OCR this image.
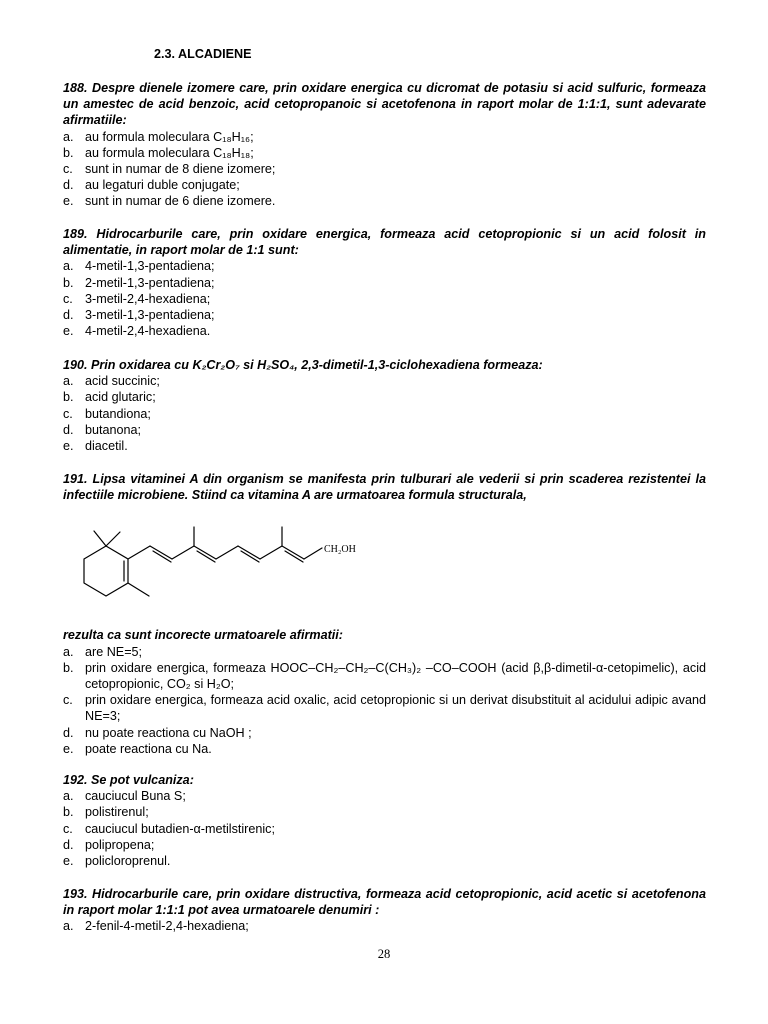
2.3. ALCADIENE

188. Despre dienele izomere care, prin oxidare energica cu dicromat de potasiu si acid sulfuric, formeaza un amestec de acid benzoic, acid cetopropanoic si acetofenona in raport molar de 1:1:1, sunt adevarate afirmatiile:

a. au formula moleculara C₁₈H₁₆;
b. au formula moleculara C₁₈H₁₈;
c. sunt in numar de 8 diene izomere;
d. au legaturi duble conjugate;
e. sunt in numar de 6 diene izomere.

189. Hidrocarburile care, prin oxidare energica, formeaza acid cetopropionic si un acid folosit in alimentatie, in raport molar de 1:1 sunt:

a. 4-metil-1,3-pentadiena;
b. 2-metil-1,3-pentadiena;
c. 3-metil-2,4-hexadiena;
d. 3-metil-1,3-pentadiena;
e. 4-metil-2,4-hexadiena.

190. Prin oxidarea cu K₂Cr₂O₇ si H₂SO₄, 2,3-dimetil-1,3-ciclohexadiena formeaza:

a. acid succinic;
b. acid glutaric;
c. butandiona;
d. butanona;
e. diacetil.

191. Lipsa vitaminei A din organism se manifesta prin tulburari ale vederii si prin scaderea rezistentei la infectiile microbiene. Stiind ca vitamina A are urmatoarea formula structurala,

CH₂OH

rezulta ca sunt incorecte urmatoarele afirmatii:

a. are NE=5;
b. prin oxidare energica, formeaza HOOC–CH₂–CH₂–C(CH₃)₂ –CO–COOH (acid β,β-dimetil-α-cetopimelic), acid cetopropionic, CO₂ si H₂O;
c. prin oxidare energica, formeaza acid oxalic, acid cetopropionic si un derivat disubstituit al acidului adipic avand NE=3;
d. nu poate reactiona cu NaOH ;
e. poate reactiona cu Na.

192. Se pot vulcaniza:

a. cauciucul Buna S;
b. polistirenul;
c. cauciucul butadien-α-metilstirenic;
d. polipropena;
e. policloroprenul.

193. Hidrocarburile care, prin oxidare distructiva, formeaza acid cetopropionic, acid acetic si acetofenona in raport molar 1:1:1 pot avea urmatoarele denumiri :

a. 2-fenil-4-metil-2,4-hexadiena;
28
